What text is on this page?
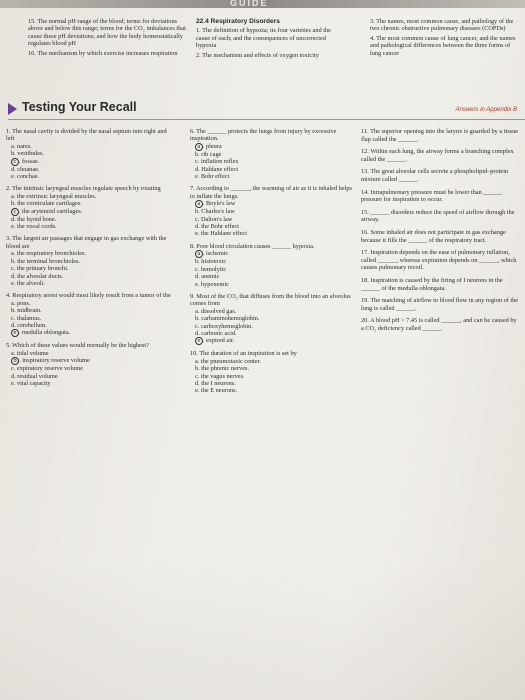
GUIDE
15. The normal pH range of the blood; terms for deviations above and below this range; terms for the CO₂ imbalances that cause these pH deviations; and how the body homeostatically regulates blood pH
16. The mechanism by which exercise increases respiration
22.4 Respiratory Disorders
1. The definition of hypoxia; its four varieties and the cause of each; and the consequences of uncorrected hypoxia
2. The mechanism and effects of oxygen toxicity
3. The names, most common cause, and pathology of the two chronic obstructive pulmonary diseases (COPDs)
4. The most common cause of lung cancer, and the names and pathological differences between the three forms of lung cancer
Testing Your Recall	Answers in Appendix B
1. The nasal cavity is divided by the nasal septum into right and left
a. nares.
b. vestibules.
c . fossae.
d. choanae.
e. conchae.
2. The intrinsic laryngeal muscles regulate speech by rotating
a. the extrinsic laryngeal muscles.
b. the corniculate cartilages.
c . the arytenoid cartilages.
d. the hyoid bone.
e. the vocal cords.
3. The largest air passages that engage in gas exchange with the blood are
a. the respiratory bronchioles.
b. the terminal bronchioles.
c. the primary bronchi.
d. the alveolar ducts.
e. the alveoli.
4. Respiratory arrest would most likely result from a tumor of the
a. pons.
b. midbrain.
c. thalamus.
d. cerebellum.
e . medulla oblongata.
5. Which of these values would normally be the highest?
a. tidal volume
b . inspiratory reserve volume
c. expiratory reserve volume
d. residual volume
e. vital capacity
6. The ______ protects the lungs from injury by excessive inspiration.
a . pleura
b. rib cage
c. inflation reflex
d. Haldane effect
e. Bohr effect
7. According to ______, the warming of air as it is inhaled helps to inflate the lungs.
a . Boyle's law
b. Charles's law
c. Dalton's law
d. the Bohr effect
e. the Haldane effect
8. Poor blood circulation causes ______ hypoxia.
a . ischemic
b. histotoxic
c. hemolytic
d. anemic
e. hypoxemic
9. Most of the CO₂ that diffuses from the blood into an alveolus comes from
a. dissolved gas.
b. carbaminohemoglobin.
c. carboxyhemoglobin.
d. carbonic acid.
e . expired air.
10. The duration of an inspiration is set by
a. the pneumotaxic center.
b. the phrenic nerves.
c. the vagus nerves.
d. the I neurons.
e. the E neurons.
11. The superior opening into the larynx is guarded by a tissue flap called the ______.
12. Within each lung, the airway forms a branching complex called the ______.
13. The great alveolar cells secrete a phospholipid–protein mixture called ______.
14. Intrapulmonary pressure must be lower than ______ pressure for inspiration to occur.
15. ______ disorders reduce the speed of airflow through the airway.
16. Some inhaled air does not participate in gas exchange because it fills the ______ of the respiratory tract.
17. Inspiration depends on the ease of pulmonary inflation, called ______, whereas expiration depends on ______, which causes pulmonary recoil.
18. Inspiration is caused by the firing of I neurons in the ______ of the medulla oblongata.
19. The matching of airflow to blood flow in any region of the lung is called ______.
20. A blood pH > 7.45 is called ______, and can be caused by a CO₂ deficiency called ______.
